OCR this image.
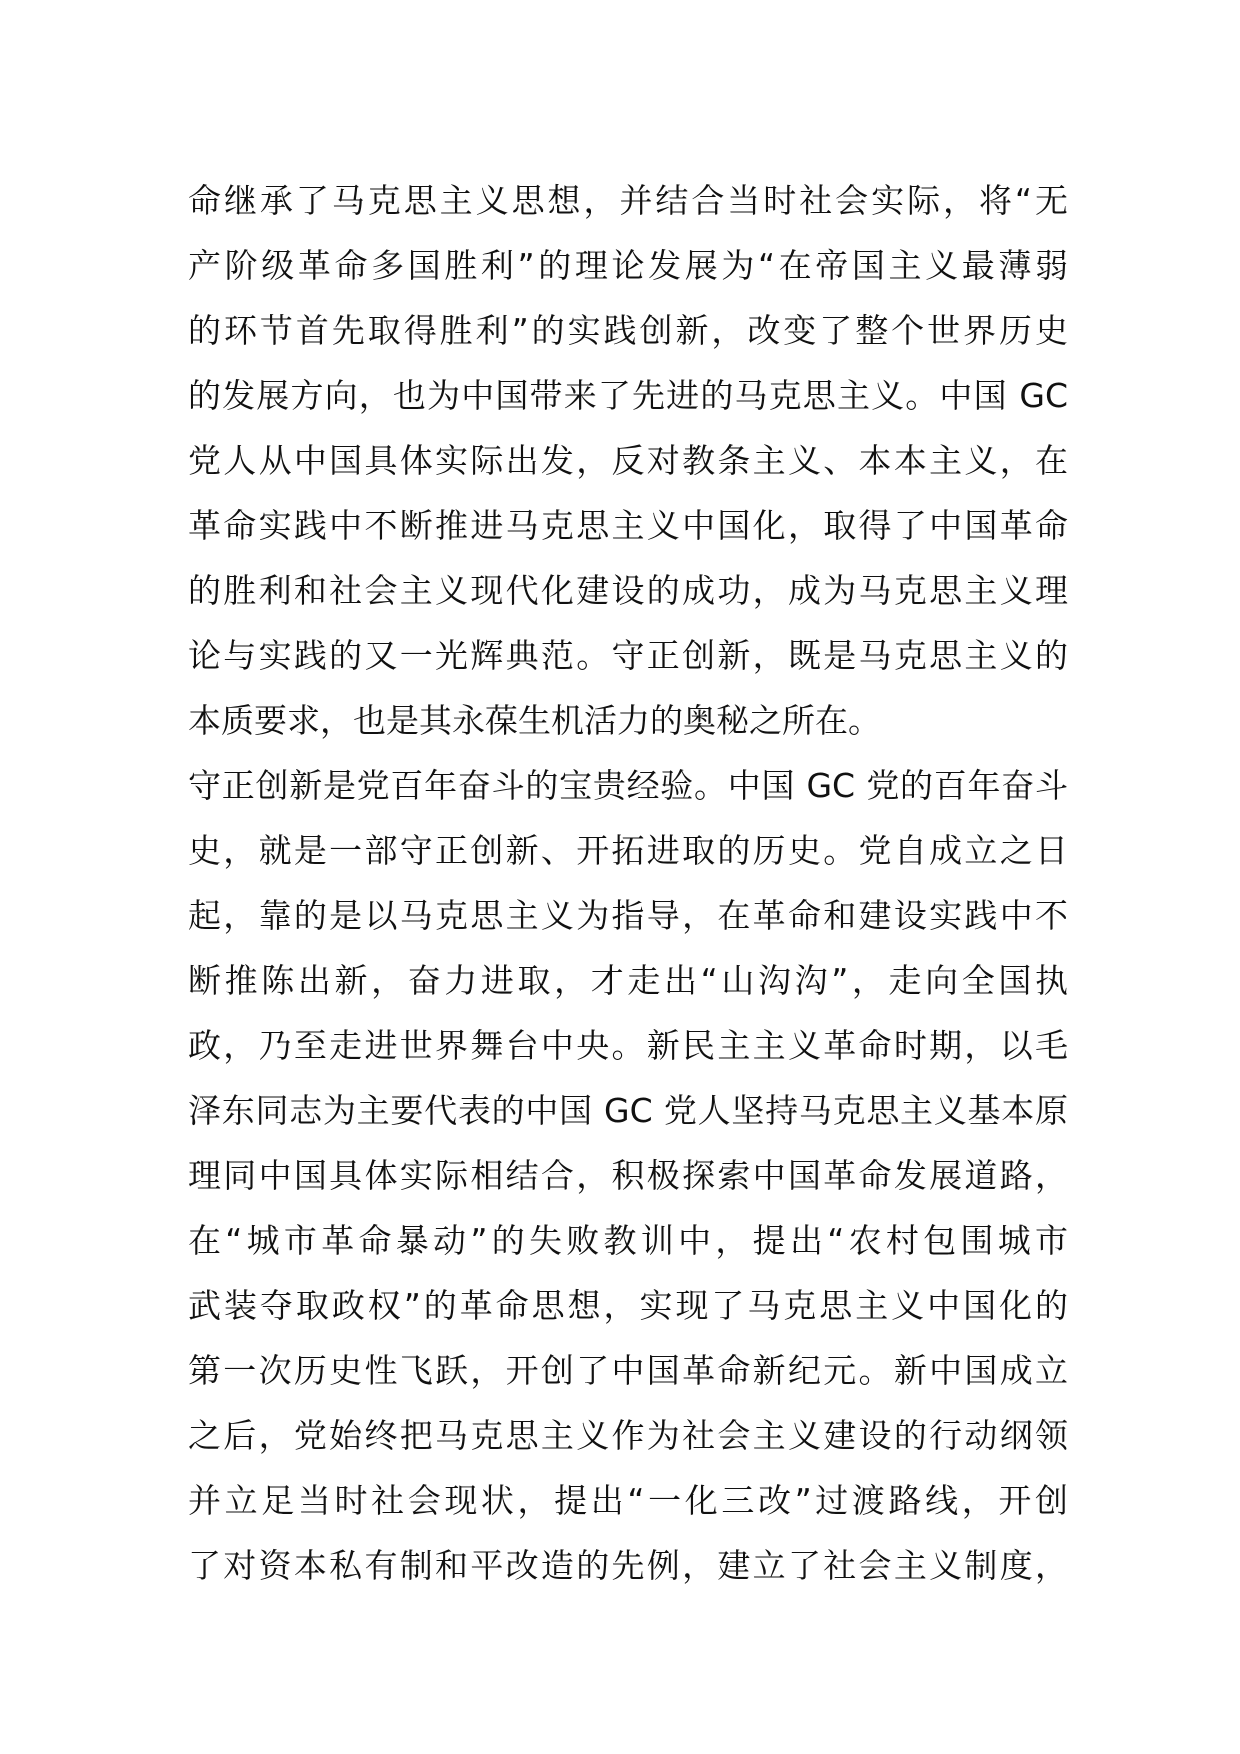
命继承了马克思主义思想，并结合当时社会实际，将“无
产阶级革命多国胜利”的理论发展为“在帝国主义最薄弱
的环节首先取得胜利”的实践创新，改变了整个世界历史
的发展方向，也为中国带来了先进的马克思主义。中国 GC
党人从中国具体实际出发，反对教条主义、本本主义，在
革命实践中不断推进马克思主义中国化，取得了中国革命
的胜利和社会主义现代化建设的成功，成为马克思主义理
论与实践的又一光辉典范。守正创新，既是马克思主义的
本质要求，也是其永葆生机活力的奥秘之所在。
守正创新是党百年奋斗的宝贵经验。中国 GC 党的百年奋斗
史，就是一部守正创新、开拓进取的历史。党自成立之日
起，靠的是以马克思主义为指导，在革命和建设实践中不
断推陈出新，奋力进取，才走出“山沟沟”，走向全国执
政，乃至走进世界舞台中央。新民主主义革命时期，以毛
泽东同志为主要代表的中国 GC 党人坚持马克思主义基本原
理同中国具体实际相结合，积极探索中国革命发展道路，
在“城市革命暴动”的失败教训中，提出“农村包围城市
武装夺取政权”的革命思想，实现了马克思主义中国化的
第一次历史性飞跃，开创了中国革命新纪元。新中国成立
之后，党始终把马克思主义作为社会主义建设的行动纲领
并立足当时社会现状，提出“一化三改”过渡路线，开创
了对资本私有制和平改造的先例，建立了社会主义制度，
